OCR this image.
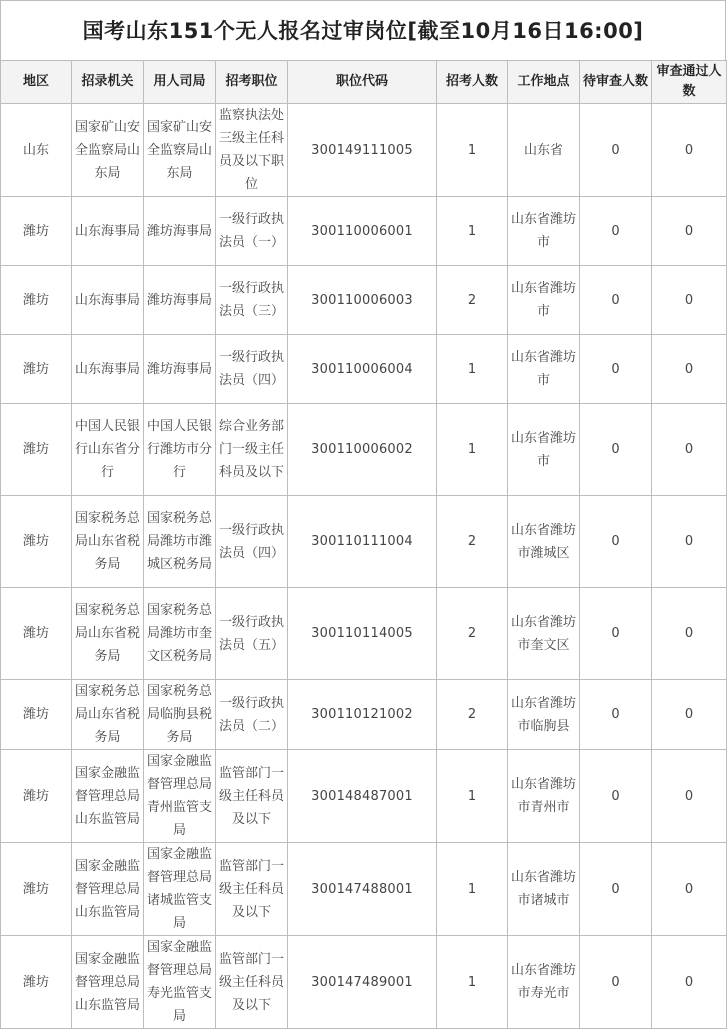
国考山东151个无人报名过审岗位[截至10月16日16:00]
地区	招录机关	用人司局	招考职位	职位代码	招考人数	工作地点	待审查人数	审查通过人数
山东	国家矿山安全监察局山东局	国家矿山安全监察局山东局	监察执法处三级主任科员及以下职位	300149111005	1	山东省	0	0
潍坊	山东海事局	潍坊海事局	一级行政执法员（一）	300110006001	1	山东省潍坊市	0	0
潍坊	山东海事局	潍坊海事局	一级行政执法员（三）	300110006003	2	山东省潍坊市	0	0
潍坊	山东海事局	潍坊海事局	一级行政执法员（四）	300110006004	1	山东省潍坊市	0	0
潍坊	中国人民银行山东省分行	中国人民银行潍坊市分行	综合业务部门一级主任科员及以下	300110006002	1	山东省潍坊市	0	0
潍坊	国家税务总局山东省税务局	国家税务总局潍坊市潍城区税务局	一级行政执法员（四）	300110111004	2	山东省潍坊市潍城区	0	0
潍坊	国家税务总局山东省税务局	国家税务总局潍坊市奎文区税务局	一级行政执法员（五）	300110114005	2	山东省潍坊市奎文区	0	0
潍坊	国家税务总局山东省税务局	国家税务总局临朐县税务局	一级行政执法员（二）	300110121002	2	山东省潍坊市临朐县	0	0
潍坊	国家金融监督管理总局山东监管局	国家金融监督管理总局青州监管支局	监管部门一级主任科员及以下	300148487001	1	山东省潍坊市青州市	0	0
潍坊	国家金融监督管理总局山东监管局	国家金融监督管理总局诸城监管支局	监管部门一级主任科员及以下	300147488001	1	山东省潍坊市诸城市	0	0
潍坊	国家金融监督管理总局山东监管局	国家金融监督管理总局寿光监管支局	监管部门一级主任科员及以下	300147489001	1	山东省潍坊市寿光市	0	0
